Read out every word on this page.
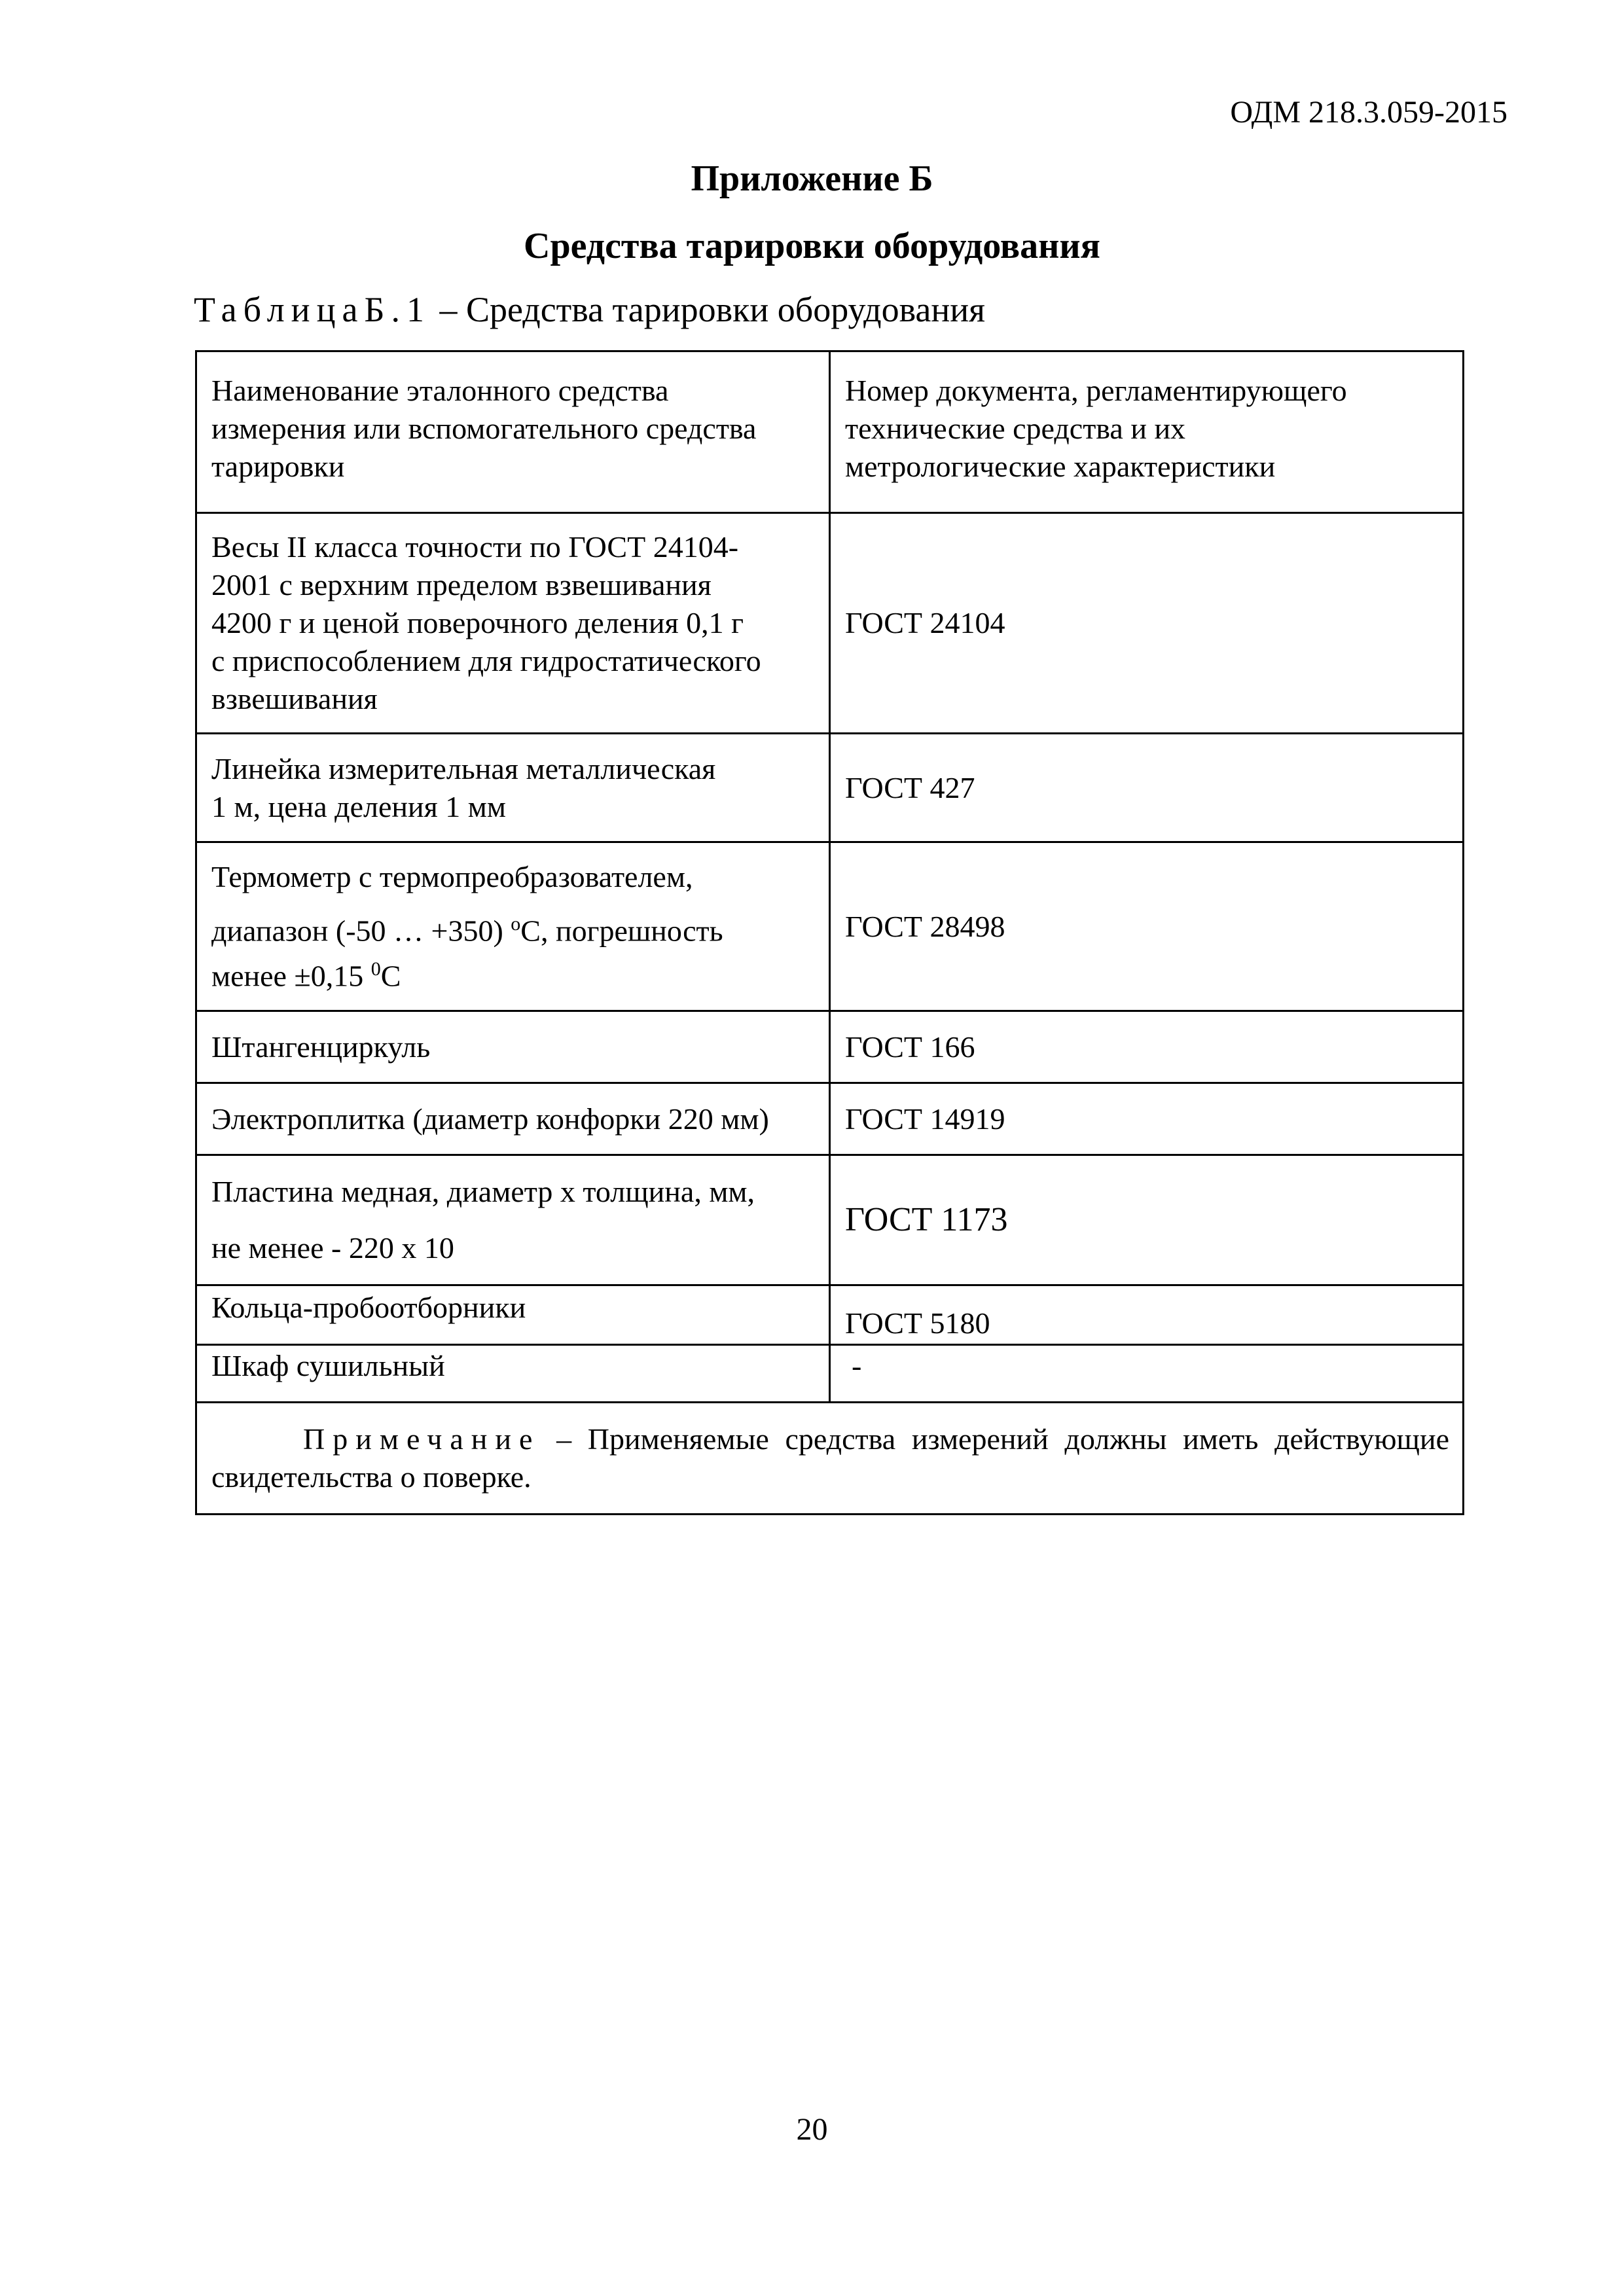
ОДМ 218.3.059-2015
Приложение Б
Средства тарировки оборудования
ТаблицаБ.1 – Средства тарировки оборудования
Наименование эталонного средства
измерения или вспомогательного средства
тарировки	Номер документа, регламентирующего
технические средства и их
метрологические характеристики

Весы II класса точности по ГОСТ 24104-
2001 с верхним пределом взвешивания
4200 г и ценой поверочного деления 0,1 г
с приспособлением для гидростатического
взвешивания	ГОСТ 24104

Линейка измерительная металлическая
1 м, цена деления 1 мм	ГОСТ 427

Термометр с термопреобразователем,
диапазон (-50 … +350) $^о$С, погрешность
менее ±0,15 $^0$С	ГОСТ 28498

Штангенциркуль	ГОСТ 166

Электроплитка (диаметр конфорки 220 мм)	ГОСТ 14919

Пластина медная, диаметр х толщина, мм,
не менее - 220 х 10	ГОСТ 1173

Кольца-пробоотборники	ГОСТ 5180

Шкаф сушильный	-

Примечание – Применяемые средства измерений должны иметь действующие свидетельства о поверке.	
20
